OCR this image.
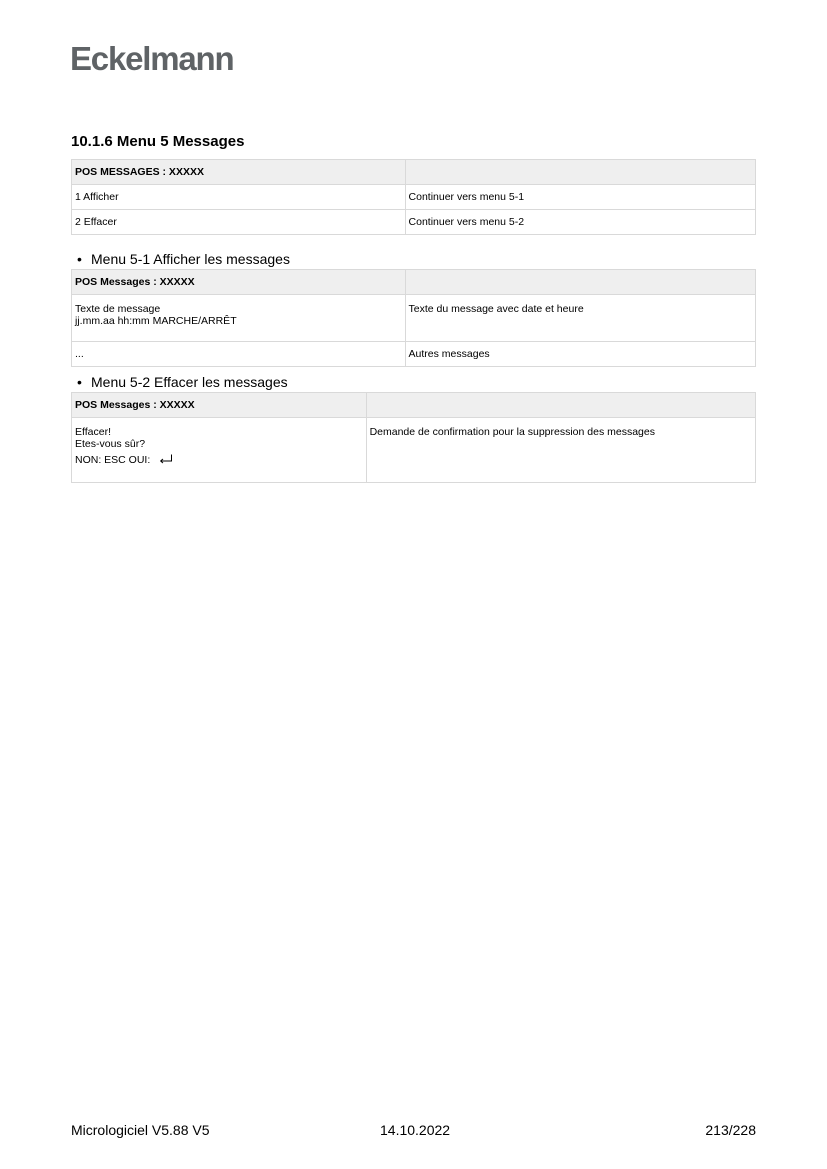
Eckelmann
10.1.6 Menu 5 Messages
POS MESSAGES : XXXXX	
1 Afficher	Continuer vers menu 5-1
2 Effacer	Continuer vers menu 5-2
• Menu 5-1 Afficher les messages
POS Messages : XXXXX	

Texte de message
jj.mm.aa hh:mm MARCHE/ARRÊT	Texte du message avec date et heure
...	Autres messages
• Menu 5-2 Effacer les messages
POS Messages : XXXXX	

Effacer!
Etes-vous sûr?
NON: ESC OUI:	Demande de confirmation pour la suppression des messages
Micrologiciel V5.88 V5	14.10.2022	213/228
